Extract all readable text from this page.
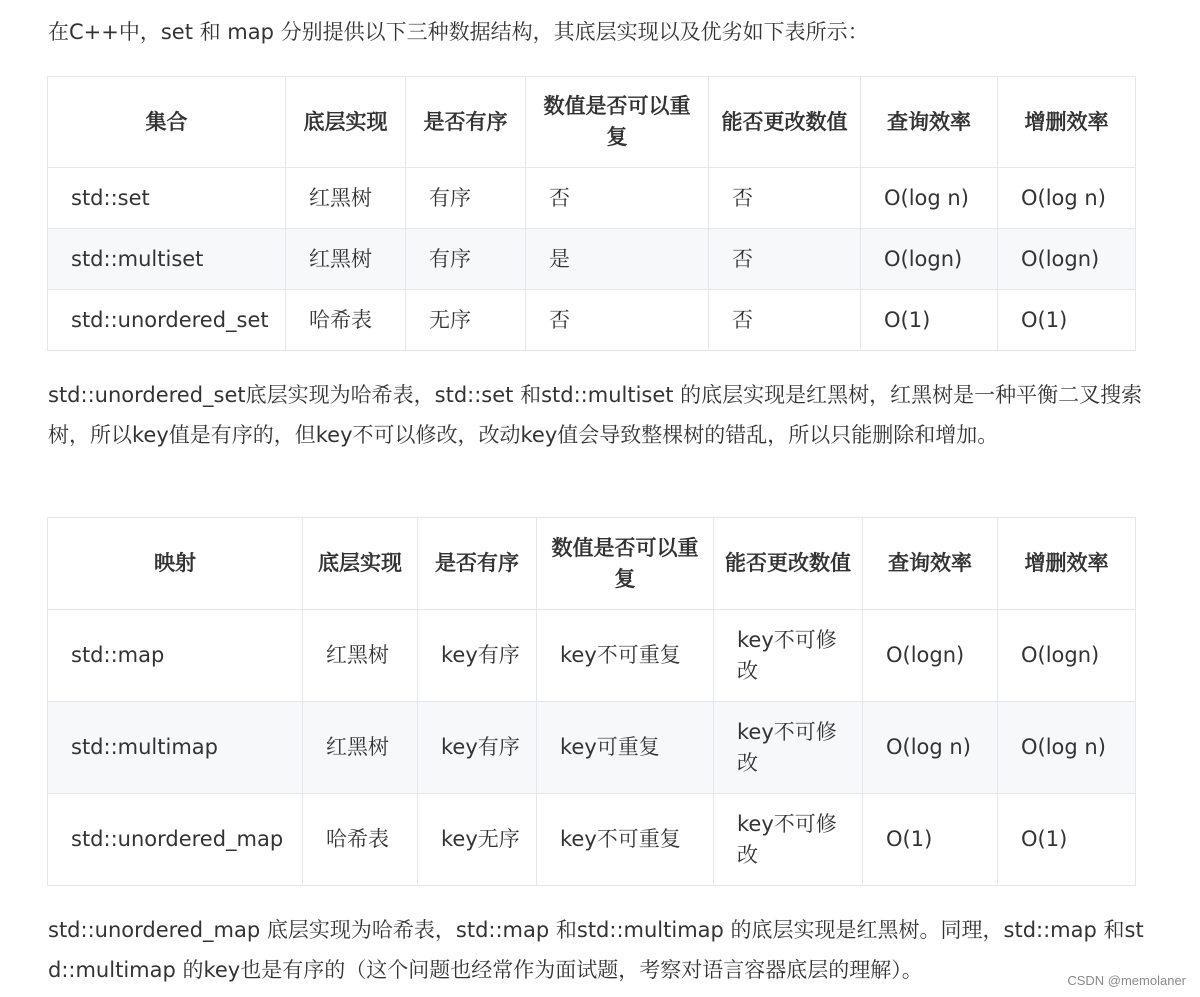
在C++中，set 和 map 分别提供以下三种数据结构，其底层实现以及优劣如下表所示：

集合	底层实现	是否有序	数值是否可以重复	能否更改数值	查询效率	增删效率
std::set	红黑树	有序	否	否	O(log n)	O(log n)
std::multiset	红黑树	有序	是	否	O(logn)	O(logn)
std::unordered_set	哈希表	无序	否	否	O(1)	O(1)

std::unordered_set底层实现为哈希表，std::set 和std::multiset 的底层实现是红黑树，红黑树是一种平衡二叉搜索树，所以key值是有序的，但key不可以修改，改动key值会导致整棵树的错乱，所以只能删除和增加。

映射	底层实现	是否有序	数值是否可以重复	能否更改数值	查询效率	增删效率
std::map	红黑树	key有序	key不可重复	key不可修改	O(logn)	O(logn)
std::multimap	红黑树	key有序	key可重复	key不可修改	O(log n)	O(log n)
std::unordered_map	哈希表	key无序	key不可重复	key不可修改	O(1)	O(1)

std::unordered_map 底层实现为哈希表，std::map 和std::multimap 的底层实现是红黑树。同理，std::map 和std::multimap 的key也是有序的（这个问题也经常作为面试题，考察对语言容器底层的理解）。	CSDN @memolaner
